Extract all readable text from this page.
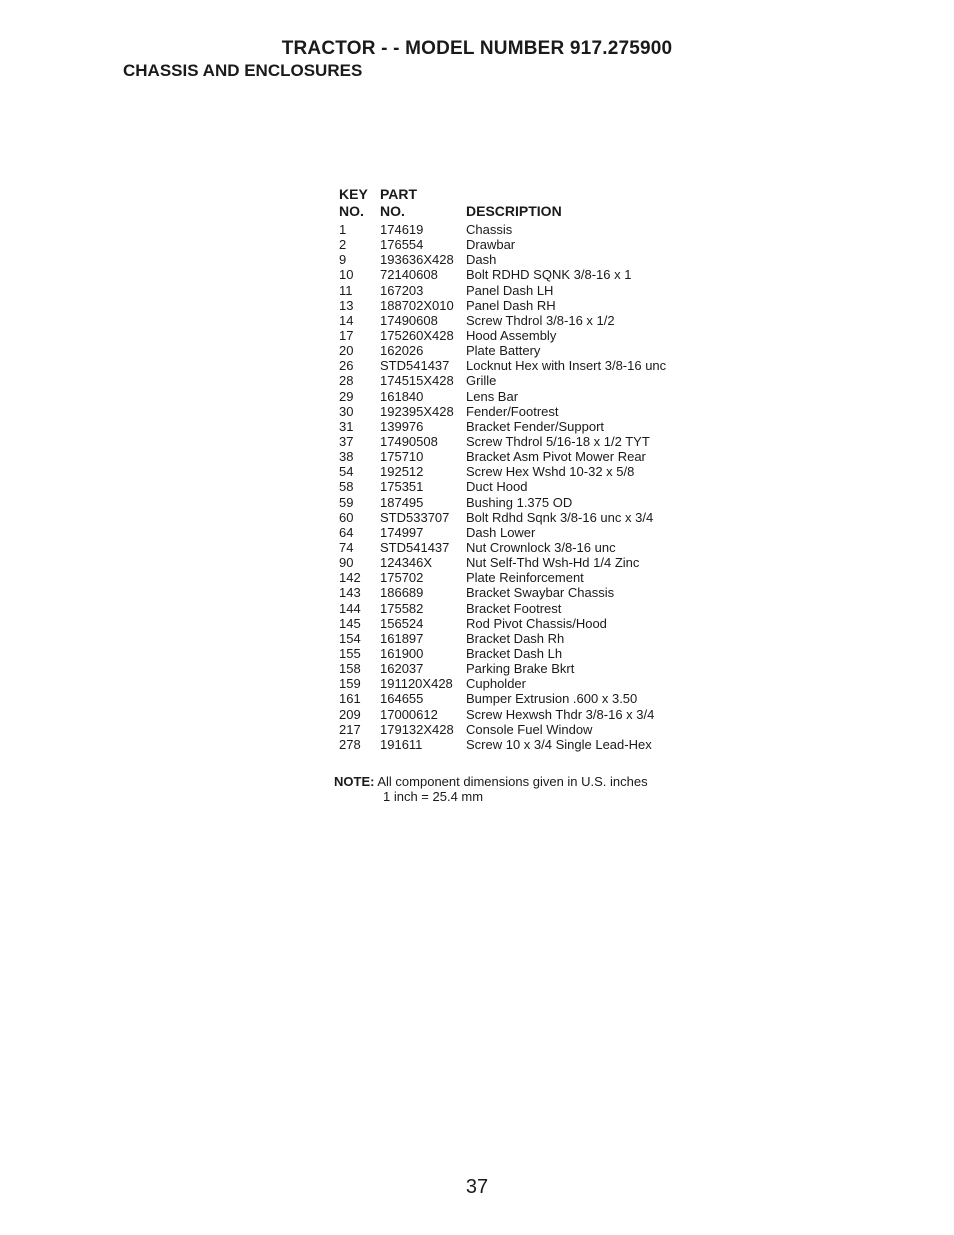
TRACTOR - - MODEL NUMBER 917.275900
CHASSIS AND ENCLOSURES
KEY PART
NO.	NO.	DESCRIPTION
1	174619	Chassis
2	176554	Drawbar
9	193636X428 Dash
10	72140608	Bolt RDHD SQNK 3/8-16 x 1
11	167203	Panel Dash LH
13	188702X010 Panel Dash RH
14	17490608	Screw Thdrol 3/8-16 x 1/2
17	175260X428 Hood Assembly
20	162026	Plate Battery
26	STD541437	Locknut Hex with Insert 3/8-16 unc
28	174515X428 Grille
29	161840	Lens Bar
30	192395X428 Fender/Footrest
31	139976	Bracket Fender/Support
37	17490508	Screw Thdrol 5/16-18 x 1/2 TYT
38	175710	Bracket Asm Pivot Mower Rear
54	192512	Screw Hex Wshd 10-32 x 5/8
58	175351	Duct Hood
59	187495	Bushing 1.375 OD
60	STD533707	Bolt Rdhd Sqnk 3/8-16 unc x 3/4
64	174997	Dash Lower
74	STD541437	Nut Crownlock 3/8-16 unc
90	124346X	Nut Self-Thd Wsh-Hd 1/4 Zinc
142	175702	Plate Reinforcement
143	186689	Bracket Swaybar Chassis
144	175582	Bracket Footrest
145	156524	Rod Pivot Chassis/Hood
154	161897	Bracket Dash Rh
155	161900	Bracket Dash Lh
158	162037	Parking Brake Bkrt
159	191120X428	Cupholder
161	164655	Bumper Extrusion .600 x 3.50
209	17000612	Screw Hexwsh Thdr 3/8-16 x 3/4
217	179132X428 Console Fuel Window
278	191611	Screw 10 x 3/4 Single Lead-Hex
NOTE: All component dimensions given in U.S. inches
1 inch = 25.4 mm
37
